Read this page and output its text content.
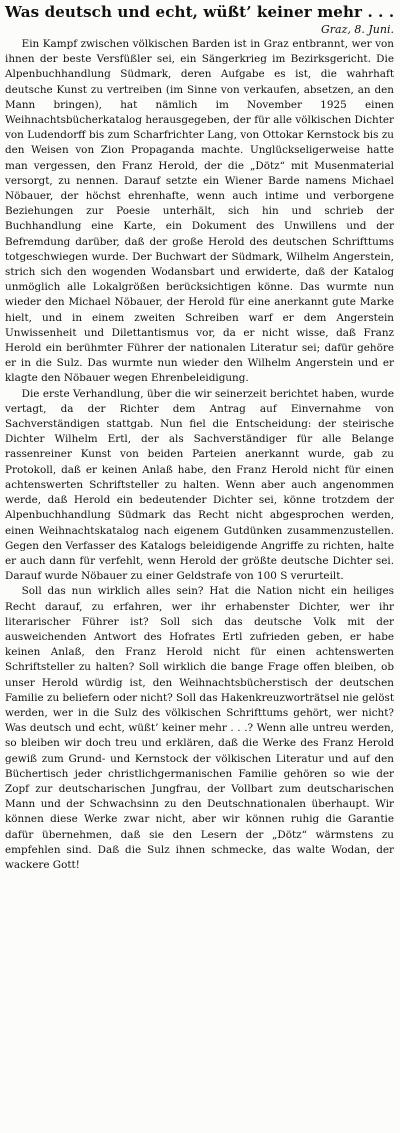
Was deutsch und echt, wüßt’ keiner mehr . . .

Graz, 8. Juni.

Ein Kampf zwischen völkischen Barden ist in Graz entbrannt, wer von ihnen der beste Versfüßler sei, ein Sängerkrieg im Bezirksgericht. Die Alpenbuchhandlung Südmark, deren Aufgabe es ist, die wahrhaft deutsche Kunst zu vertreiben (im Sinne von verkaufen, absetzen, an den Mann bringen), hat nämlich im November 1925 einen Weihnachtsbücherkatalog herausgegeben, der für alle völkischen Dichter von Ludendorff bis zum Scharfrichter Lang, von Ottokar Kernstock bis zu den Weisen von Zion Propaganda machte. Unglückseligerweise hatte man vergessen, den Franz Herold, der die „Dötz“ mit Musenmaterial versorgt, zu nennen. Darauf setzte ein Wiener Barde namens Michael Nöbauer, der höchst ehrenhafte, wenn auch intime und verborgene Beziehungen zur Poesie unterhält, sich hin und schrieb der Buchhandlung eine Karte, ein Dokument des Unwillens und der Befremdung darüber, daß der große Herold des deutschen Schrifttums totgeschwiegen wurde. Der Buchwart der Südmark, Wilhelm Angerstein, strich sich den wogenden Wodansbart und erwiderte, daß der Katalog unmöglich alle Lokalgrößen berücksichtigen könne. Das wurmte nun wieder den Michael Nöbauer, der Herold für eine anerkannt gute Marke hielt, und in einem zweiten Schreiben warf er dem Angerstein Unwissenheit und Dilettantismus vor, da er nicht wisse, daß Franz Herold ein berühmter Führer der nationalen Literatur sei; dafür gehöre er in die Sulz. Das wurmte nun wieder den Wilhelm Angerstein und er klagte den Nöbauer wegen Ehrenbeleidigung.

Die erste Verhandlung, über die wir seinerzeit berichtet haben, wurde vertagt, da der Richter dem Antrag auf Einvernahme von Sachverständigen stattgab. Nun fiel die Entscheidung: der steirische Dichter Wilhelm Ertl, der als Sachverständiger für alle Belange rassenreiner Kunst von beiden Parteien anerkannt wurde, gab zu Protokoll, daß er keinen Anlaß habe, den Franz Herold nicht für einen achtenswerten Schriftsteller zu halten. Wenn aber auch angenommen werde, daß Herold ein bedeutender Dichter sei, könne trotzdem der Alpenbuchhandlung Südmark das Recht nicht abgesprochen werden, einen Weihnachtskatalog nach eigenem Gutdünken zusammenzustellen. Gegen den Verfasser des Katalogs beleidigende Angriffe zu richten, halte er auch dann für verfehlt, wenn Herold der größte deutsche Dichter sei. Darauf wurde Nöbauer zu einer Geldstrafe von 100 S verurteilt.

Soll das nun wirklich alles sein? Hat die Nation nicht ein heiliges Recht darauf, zu erfahren, wer ihr erhabenster Dichter, wer ihr literarischer Führer ist? Soll sich das deutsche Volk mit der ausweichenden Antwort des Hofrates Ertl zufrieden geben, er habe keinen Anlaß, den Franz Herold nicht für einen achtenswerten Schriftsteller zu halten? Soll wirklich die bange Frage offen bleiben, ob unser Herold würdig ist, den Weihnachtsbücherstisch der deutschen Familie zu beliefern oder nicht? Soll das Hakenkreuzworträtsel nie gelöst werden, wer in die Sulz des völkischen Schrifttums gehört, wer nicht? Was deutsch und echt, wüßt’ keiner mehr . . .? Wenn alle untreu werden, so bleiben wir doch treu und erklären, daß die Werke des Franz Herold gewiß zum Grund- und Kernstock der völkischen Literatur und auf den Büchertisch jeder christlichgermanischen Familie gehören so wie der Zopf zur deutscharischen Jungfrau, der Vollbart zum deutscharischen Mann und der Schwachsinn zu den Deutschnationalen überhaupt. Wir können diese Werke zwar nicht, aber wir können ruhig die Garantie dafür übernehmen, daß sie den Lesern der „Dötz“ wärmstens zu empfehlen sind. Daß die Sulz ihnen schmecke, das walte Wodan, der wackere Gott!
